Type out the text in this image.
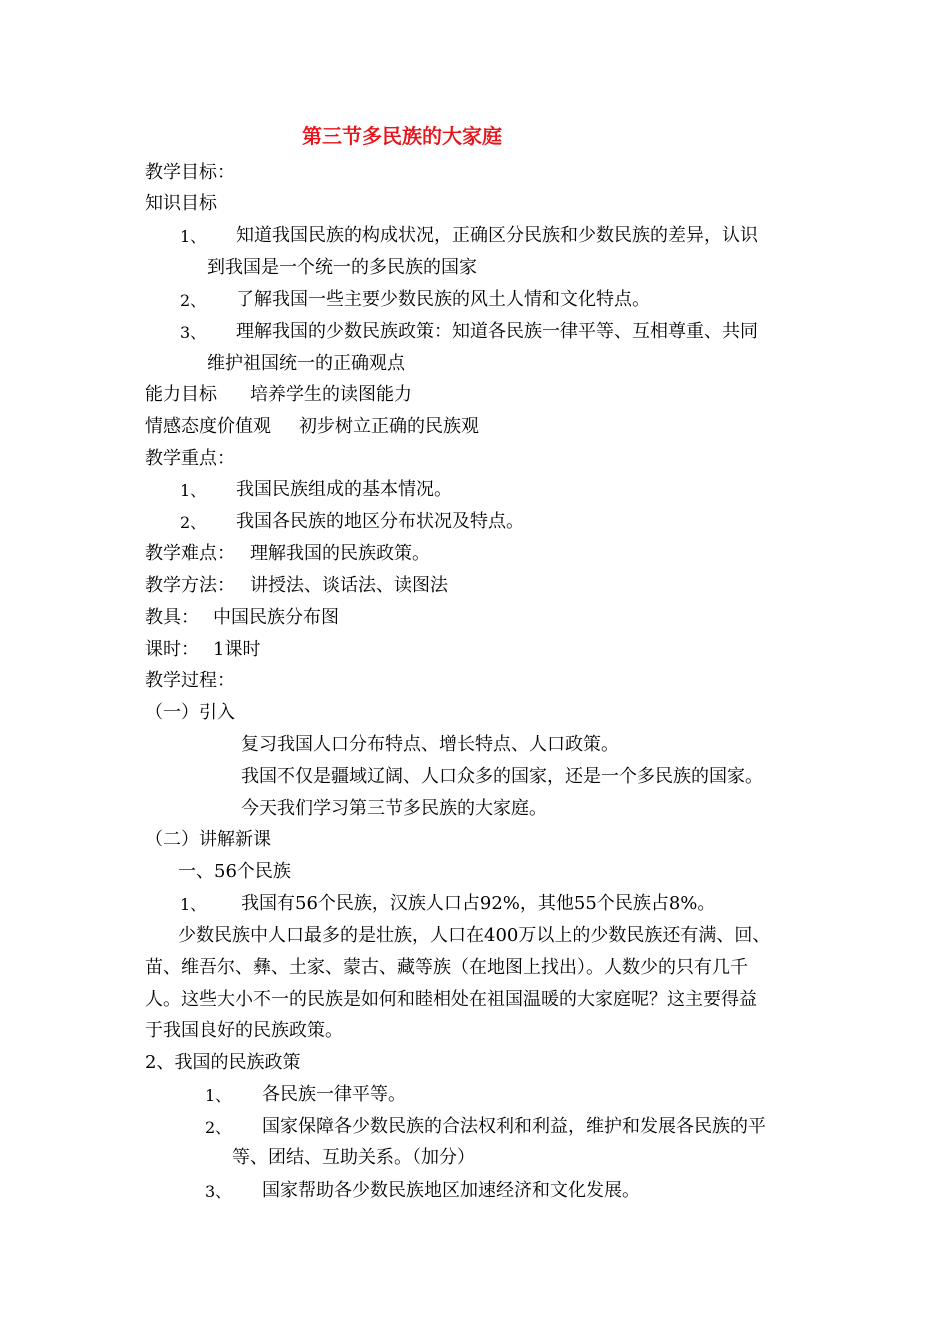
第三节多民族的大家庭
教学目标：
知识目标
1、 知道我国民族的构成状况，正确区分民族和少数民族的差异，认识
到我国是一个统一的多民族的国家
2、 了解我国一些主要少数民族的风土人情和文化特点。
3、 理解我国的少数民族政策：知道各民族一律平等、互相尊重、共同
维护祖国统一的正确观点
能力目标 培养学生的读图能力
情感态度价值观 初步树立正确的民族观
教学重点：
1、 我国民族组成的基本情况。
2、 我国各民族的地区分布状况及特点。
教学难点： 理解我国的民族政策。
教学方法： 讲授法、谈话法、读图法
教具： 中国民族分布图
课时： 1课时
教学过程：
（一）引入
复习我国人口分布特点、增长特点、人口政策。
我国不仅是疆域辽阔、人口众多的国家，还是一个多民族的国家。
今天我们学习第三节多民族的大家庭。
（二）讲解新课
一、56个民族
1、 我国有56个民族，汉族人口占92%，其他55个民族占8%。
少数民族中人口最多的是壮族，人口在400万以上的少数民族还有满、回、
苗、维吾尔、彝、土家、蒙古、藏等族（在地图上找出）。人数少的只有几千
人。这些大小不一的民族是如何和睦相处在祖国温暖的大家庭呢？这主要得益
于我国良好的民族政策。
2、我国的民族政策
1、 各民族一律平等。
2、 国家保障各少数民族的合法权利和利益，维护和发展各民族的平
等、团结、互助关系。（加分）
3、 国家帮助各少数民族地区加速经济和文化发展。
